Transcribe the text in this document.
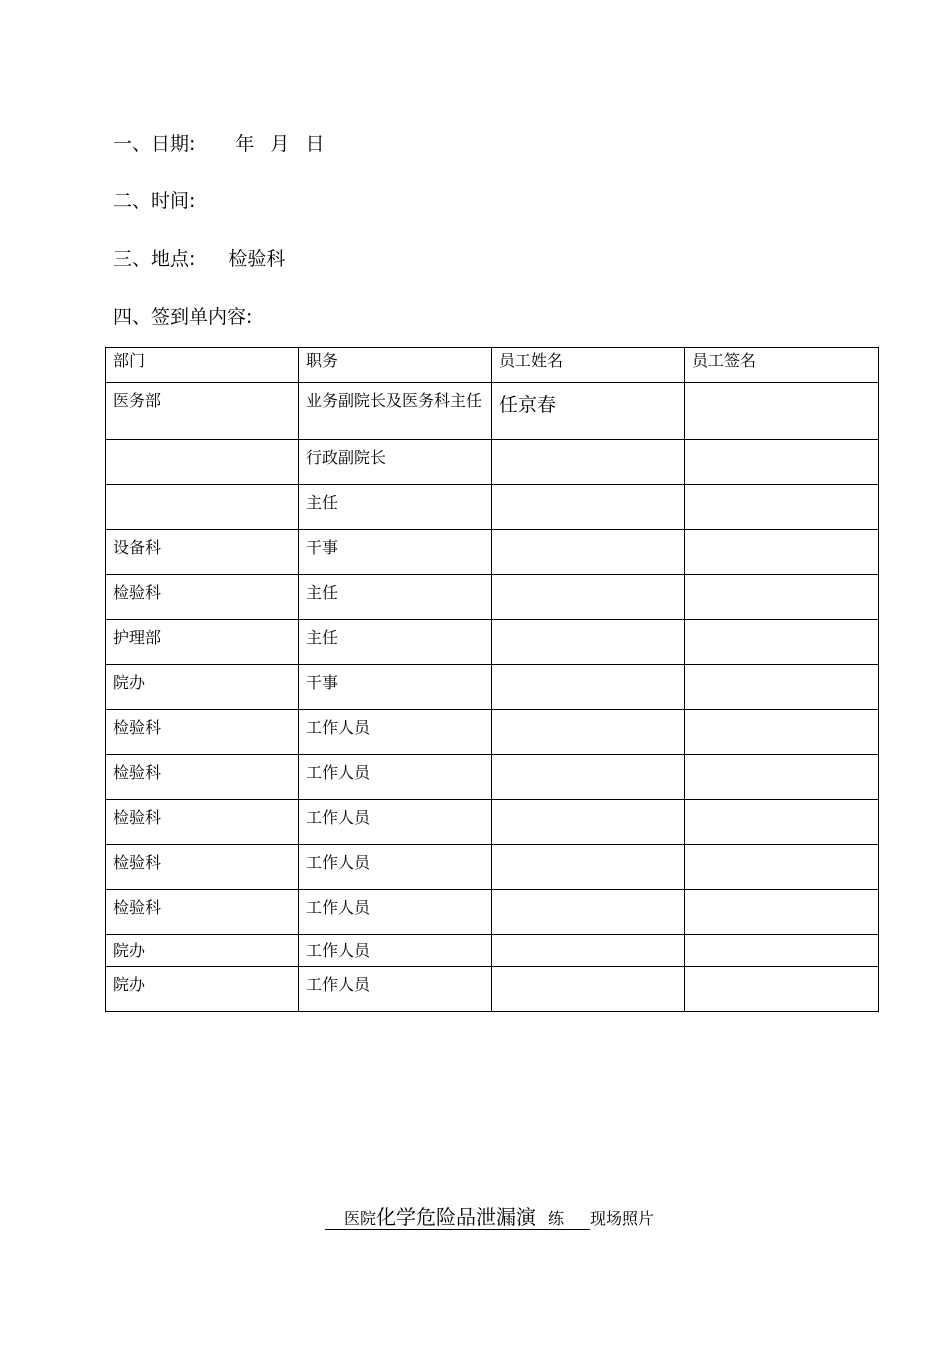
一、日期: 年 月 日
二、时间:
三、地点: 检验科
四、签到单内容:
部门	职务	员工姓名	员工签名
医务部	业务副院长及医务科主任	任京春	
	行政副院长		
	主任		
设备科	干事		
检验科	主任		
护理部	主任		
院办	干事		
检验科	工作人员		
检验科	工作人员		
检验科	工作人员		
检验科	工作人员		
检验科	工作人员		
院办	工作人员		
院办	工作人员		
医院化学危险品泄漏演 练 现场照片
